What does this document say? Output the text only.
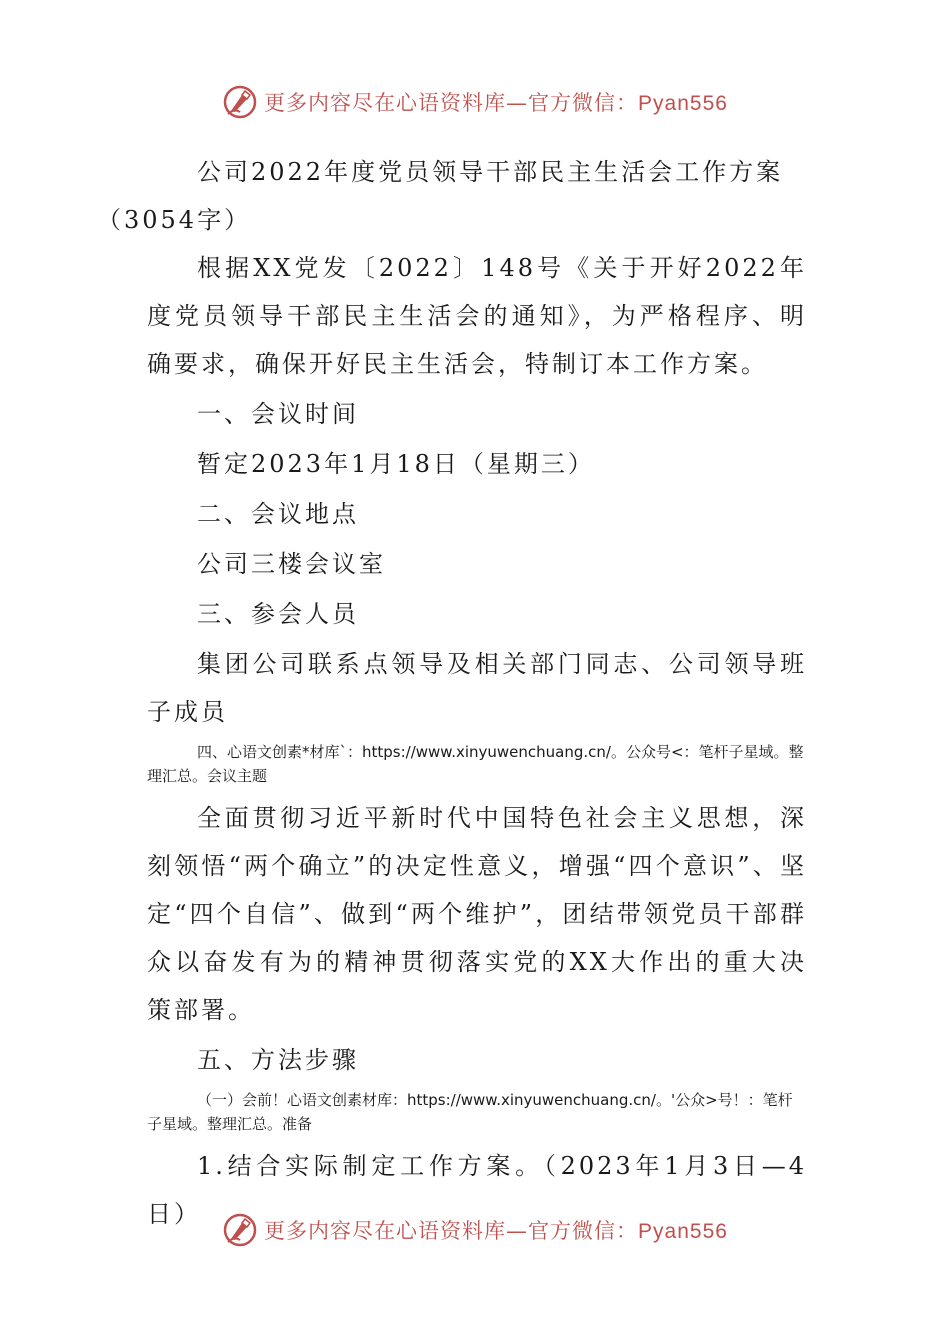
更多内容尽在心语资料库—官方微信：Pyan556

公司2022年度党员领导干部民主生活会工作方案
（3054字）

根据XX党发〔2022〕148号《关于开好2022年度党员领导干部民主生活会的通知》，为严格程序、明确要求，确保开好民主生活会，特制订本工作方案。

一、会议时间

暂定2023年1月18日（星期三）

二、会议地点

公司三楼会议室

三、参会人员

集团公司联系点领导及相关部门同志、公司领导班子成员

四、心语文创素*材库`：https://www.xinyuwenchuang.cn/。公众号<：笔杆子星域。整理汇总。会议主题

全面贯彻习近平新时代中国特色社会主义思想，深刻领悟“两个确立”的决定性意义，增强“四个意识”、坚定“四个自信”、做到“两个维护”，团结带领党员干部群众以奋发有为的精神贯彻落实党的XX大作出的重大决策部署。

五、方法步骤

（一）会前！心语文创素材库：https://www.xinyuwenchuang.cn/。'公众>号！：笔杆子星域。整理汇总。准备

1.结合实际制定工作方案。（2023年1月3日—4日）

更多内容尽在心语资料库—官方微信：Pyan556
